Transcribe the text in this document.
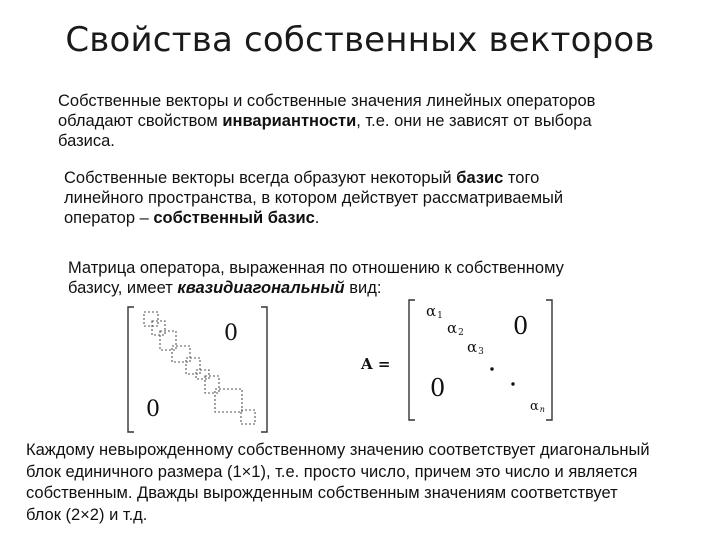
Свойства собственных векторов
Собственные векторы и собственные значения линейных операторов
обладают свойством инвариантности, т.е. они не зависят от выбора
базиса.
Собственные векторы всегда образуют некоторый базис того
линейного пространства, в котором действует рассматриваемый
оператор – собственный базис.
Матрица оператора, выраженная по отношению к собственному
базису, имеет квазидиагональный вид:
0
0
A =
α1
α2
α3
αn
0
0
Каждому невырожденному собственному значению соответствует диагональный
блок единичного размера (1×1), т.е. просто число, причем это число и является
собственным. Дважды вырожденным собственным значениям соответствует
блок (2×2) и т.д.
